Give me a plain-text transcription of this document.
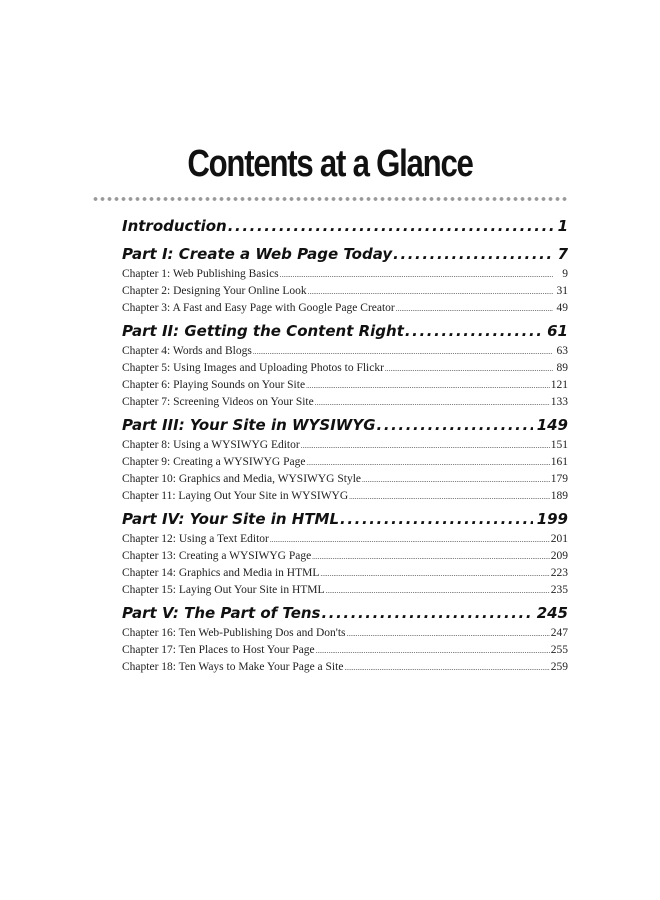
Contents at a Glance
Introduction .....	1
Part I: Create a Web Page Today .....	7
Chapter 1: Web Publishing Basics .....	9
Chapter 2: Designing Your Online Look .....	31
Chapter 3: A Fast and Easy Page with Google Page Creator .....	49
Part II: Getting the Content Right .....	61
Chapter 4: Words and Blogs .....	63
Chapter 5: Using Images and Uploading Photos to Flickr .....	89
Chapter 6: Playing Sounds on Your Site .....	121
Chapter 7: Screening Videos on Your Site .....	133
Part III: Your Site in WYSIWYG .....	149
Chapter 8: Using a WYSIWYG Editor .....	151
Chapter 9: Creating a WYSIWYG Page .....	161
Chapter 10: Graphics and Media, WYSIWYG Style .....	179
Chapter 11: Laying Out Your Site in WYSIWYG .....	189
Part IV: Your Site in HTML .....	199
Chapter 12: Using a Text Editor .....	201
Chapter 13: Creating a WYSIWYG Page .....	209
Chapter 14: Graphics and Media in HTML .....	223
Chapter 15: Laying Out Your Site in HTML .....	235
Part V: The Part of Tens .....	245
Chapter 16: Ten Web-Publishing Dos and Don'ts .....	247
Chapter 17: Ten Places to Host Your Page .....	255
Chapter 18: Ten Ways to Make Your Page a Site .....	259
